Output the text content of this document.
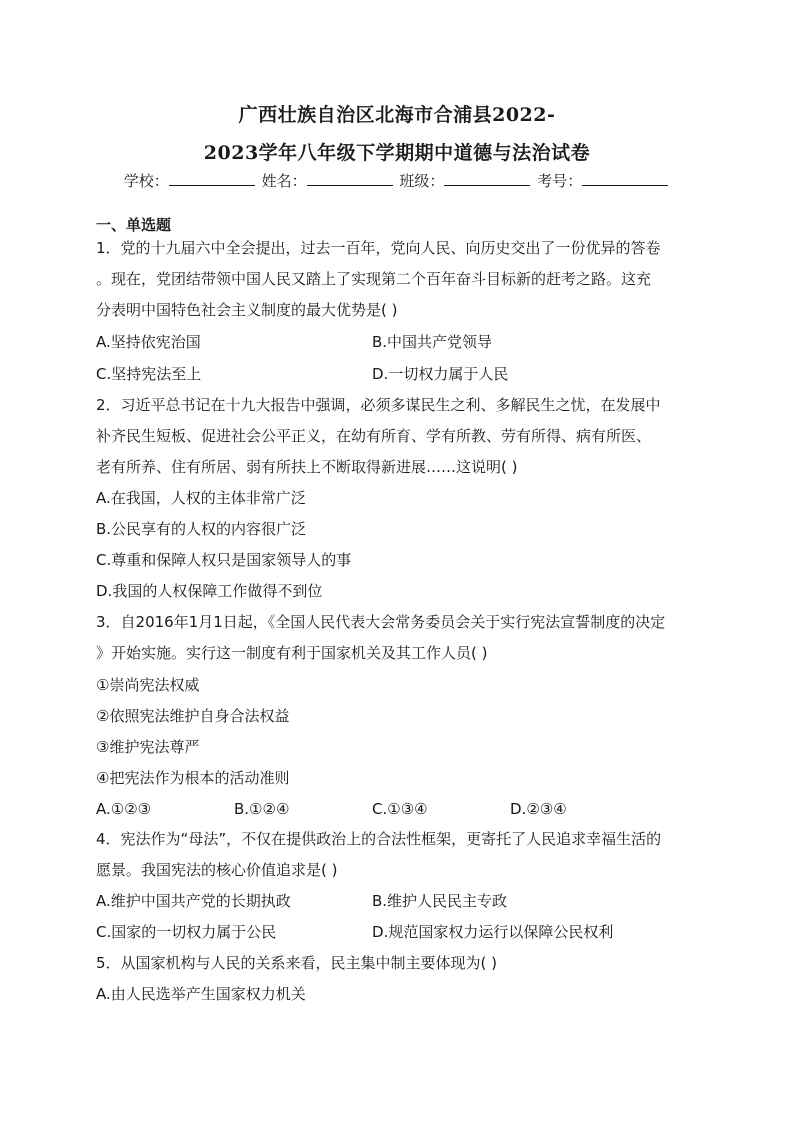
广西壮族自治区北海市合浦县2022-
2023学年八年级下学期期中道德与法治试卷
学校：	姓名：	班级：	考号：
一、单选题
1．党的十九届六中全会提出，过去一百年，党向人民、向历史交出了一份优异的答卷
。现在，党团结带领中国人民又踏上了实现第二个百年奋斗目标新的赶考之路。这充
分表明中国特色社会主义制度的最大优势是( )
A.坚持依宪治国	B.中国共产党领导
C.坚持宪法至上	D.一切权力属于人民
2．习近平总书记在十九大报告中强调，必须多谋民生之利、多解民生之忧，在发展中
补齐民生短板、促进社会公平正义，在幼有所育、学有所教、劳有所得、病有所医、
老有所养、住有所居、弱有所扶上不断取得新进展……这说明( )
A.在我国，人权的主体非常广泛
B.公民享有的人权的内容很广泛
C.尊重和保障人权只是国家领导人的事
D.我国的人权保障工作做得不到位
3．自2016年1月1日起，《全国人民代表大会常务委员会关于实行宪法宣誓制度的决定
》开始实施。实行这一制度有利于国家机关及其工作人员( )
①崇尚宪法权威
②依照宪法维护自身合法权益
③维护宪法尊严
④把宪法作为根本的活动准则
A.①②③	B.①②④	C.①③④	D.②③④
4．宪法作为“母法”，不仅在提供政治上的合法性框架，更寄托了人民追求幸福生活的
愿景。我国宪法的核心价值追求是( )
A.维护中国共产党的长期执政	B.维护人民民主专政
C.国家的一切权力属于公民	D.规范国家权力运行以保障公民权利
5．从国家机构与人民的关系来看，民主集中制主要体现为( )
A.由人民选举产生国家权力机关
